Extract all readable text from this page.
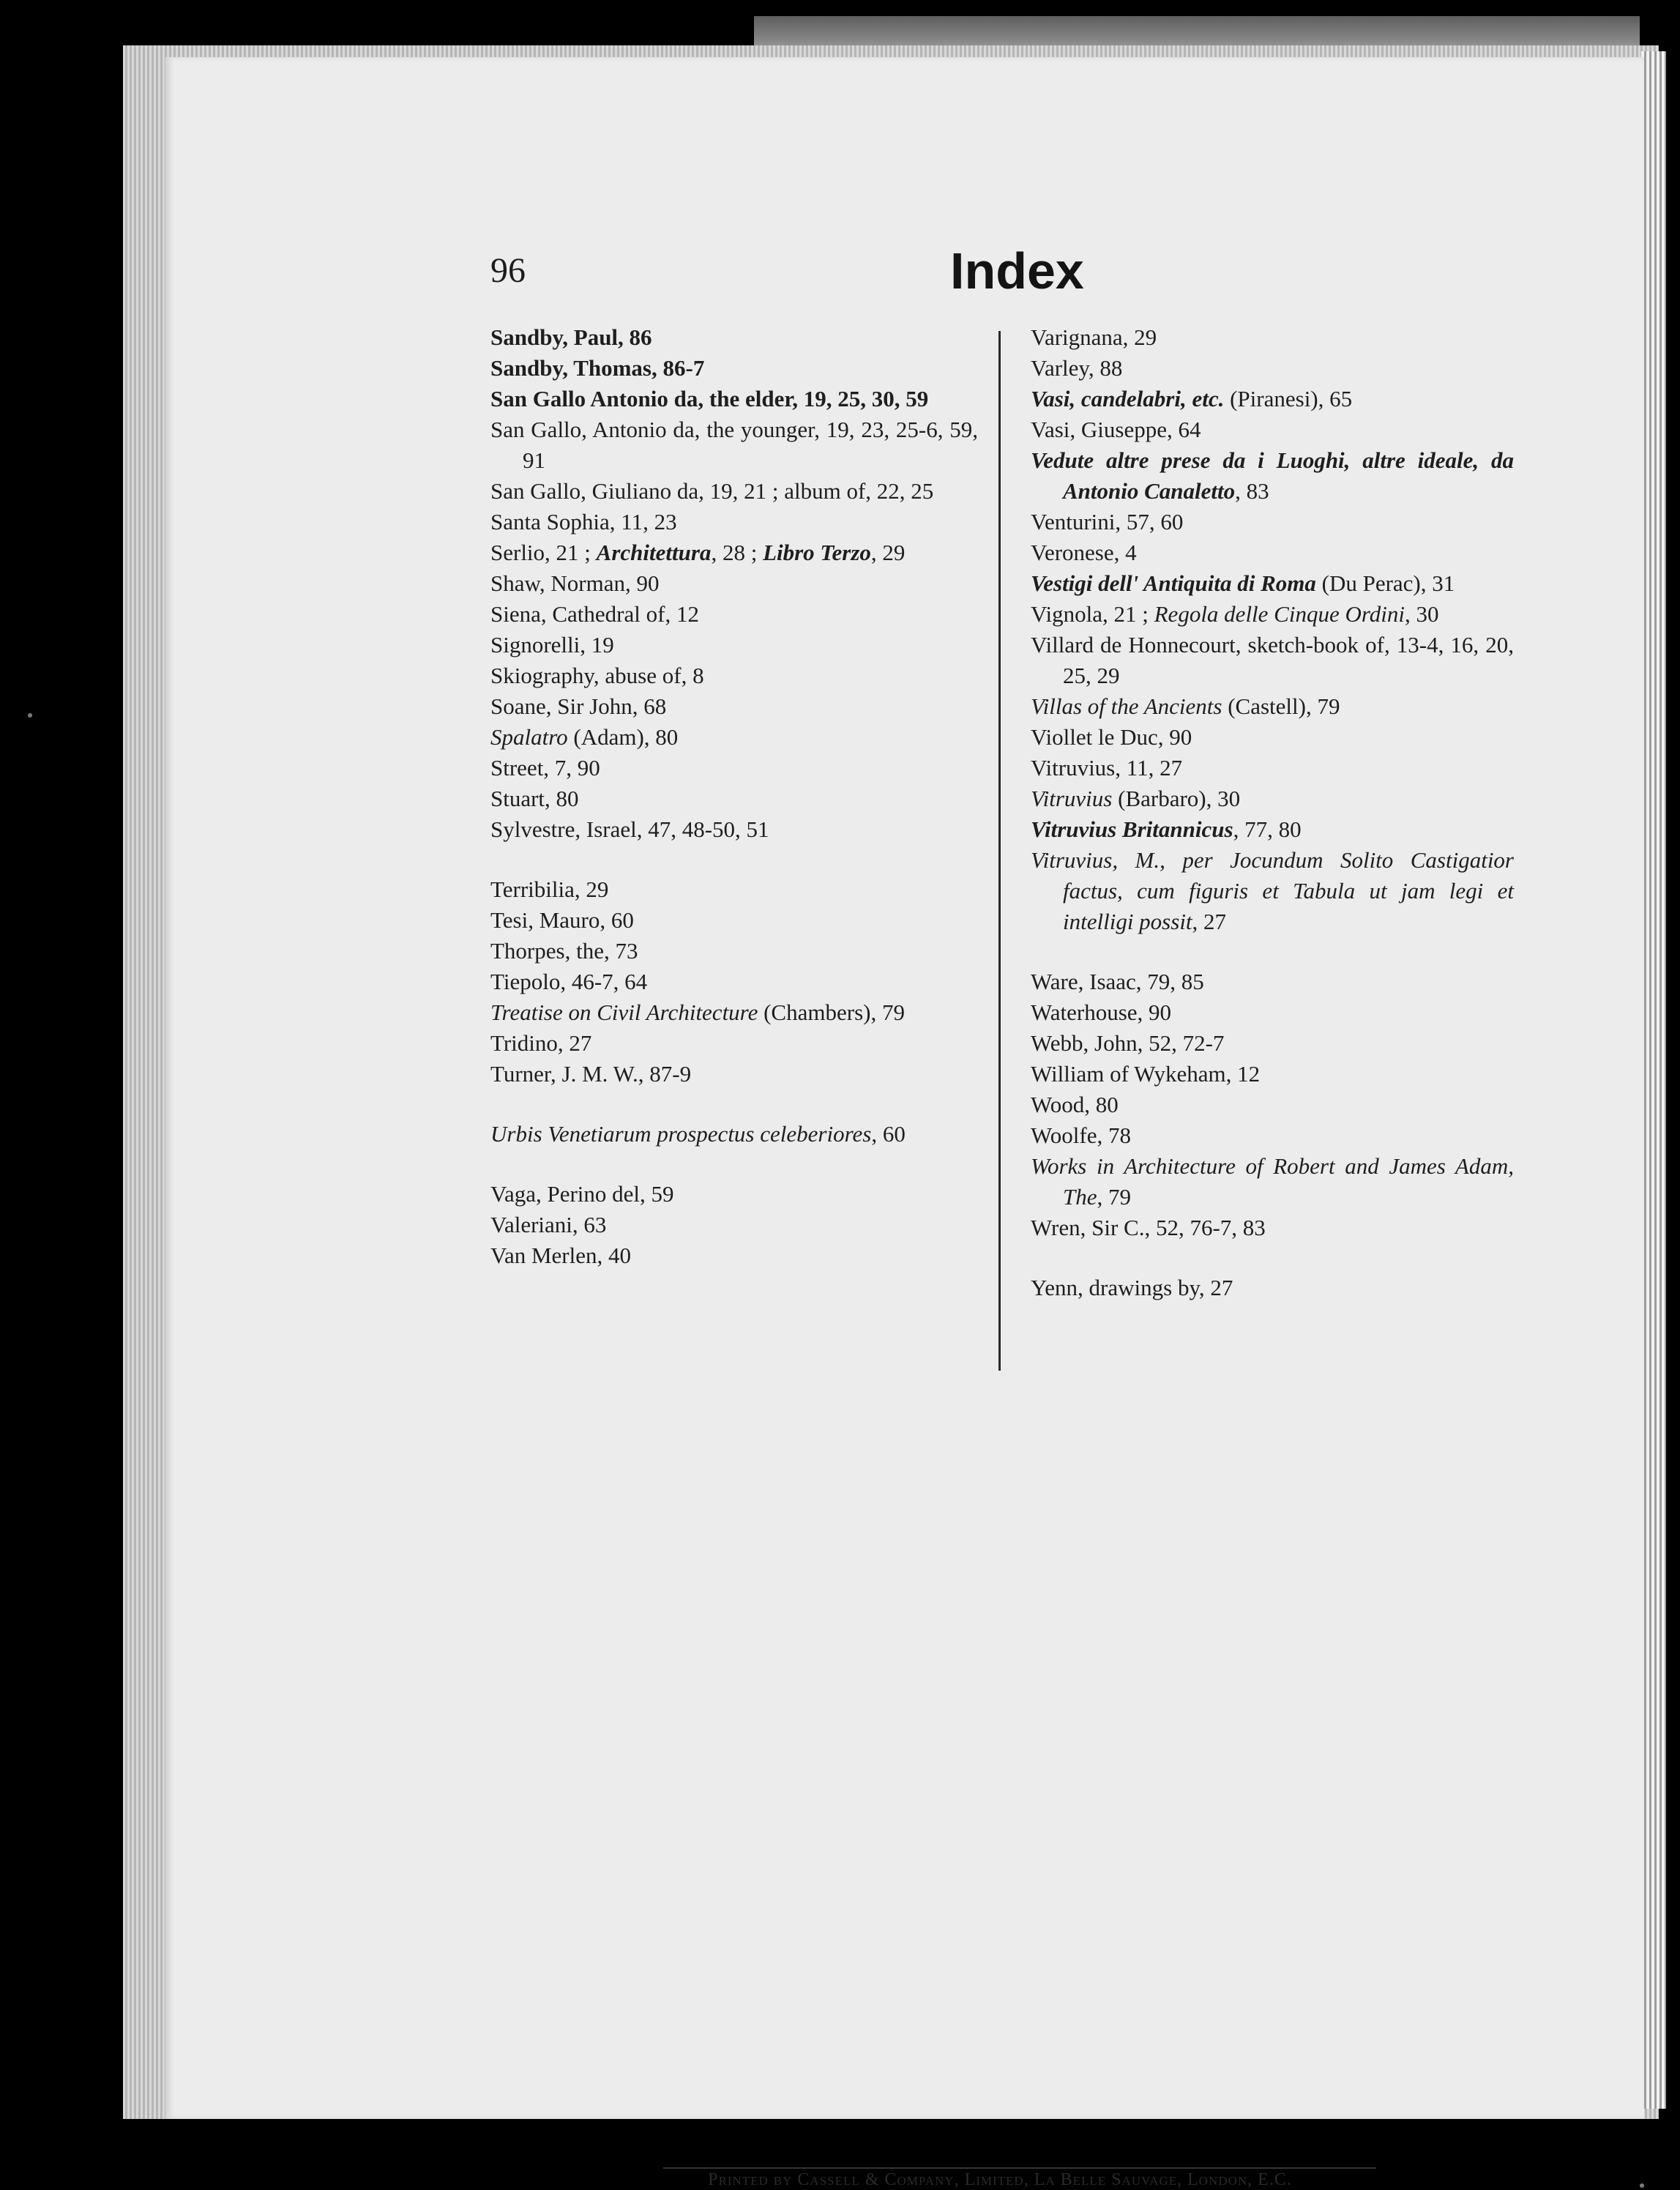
96	Index
Sandby, Paul, 86
Sandby, Thomas, 86-7
San Gallo Antonio da, the elder, 19, 25, 30, 59
San Gallo, Antonio da, the younger, 19, 23, 25-6, 59, 91
San Gallo, Giuliano da, 19, 21 ; album of, 22, 25
Santa Sophia, 11, 23
Serlio, 21 ; Architettura, 28 ; Libro Terzo, 29
Shaw, Norman, 90
Siena, Cathedral of, 12
Signorelli, 19
Skiography, abuse of, 8
Soane, Sir John, 68
Spalatro (Adam), 80
Street, 7, 90
Stuart, 80
Sylvestre, Israel, 47, 48-50, 51
Terribilia, 29
Tesi, Mauro, 60
Thorpes, the, 73
Tiepolo, 46-7, 64
Treatise on Civil Architecture (Chambers), 79
Tridino, 27
Turner, J. M. W., 87-9
Urbis Venetiarum prospectus celeberiores, 60
Vaga, Perino del, 59
Valeriani, 63
Van Merlen, 40
Varignana, 29
Varley, 88
Vasi, candelabri, etc. (Piranesi), 65
Vasi, Giuseppe, 64
Vedute altre prese da i Luoghi, altre ideale, da Antonio Canaletto, 83
Venturini, 57, 60
Veronese, 4
Vestigi dell' Antiquita di Roma (Du Perac), 31
Vignola, 21 ; Regola delle Cinque Ordini, 30
Villard de Honnecourt, sketch-book of, 13-4, 16, 20, 25, 29
Villas of the Ancients (Castell), 79
Viollet le Duc, 90
Vitruvius, 11, 27
Vitruvius (Barbaro), 30
Vitruvius Britannicus, 77, 80
Vitruvius, M., per Jocundum Solito Castigatior factus, cum figuris et Tabula ut jam legi et intelligi possit, 27
Ware, Isaac, 79, 85
Waterhouse, 90
Webb, John, 52, 72-7
William of Wykeham, 12
Wood, 80
Woolfe, 78
Works in Architecture of Robert and James Adam, The, 79
Wren, Sir C., 52, 76-7, 83
Yenn, drawings by, 27
Printed by Cassell & Company, Limited, La Belle Sauvage, London, E.C.
